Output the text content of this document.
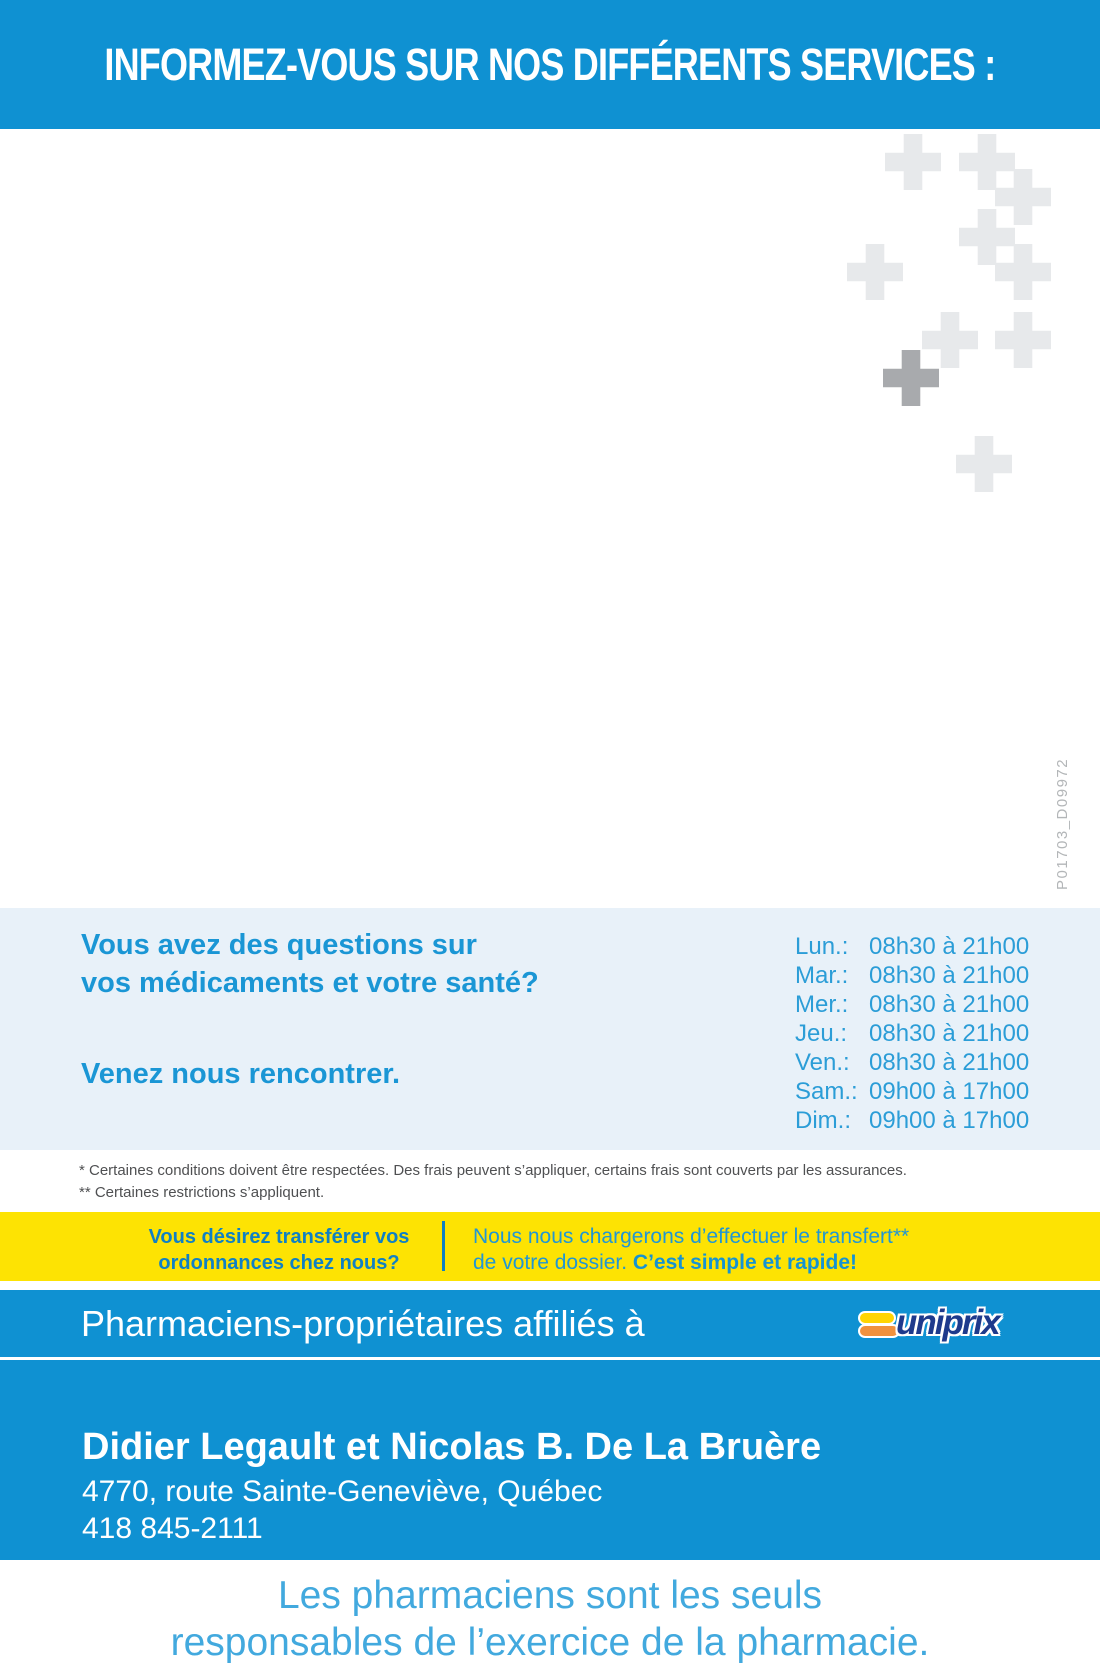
INFORMEZ-VOUS SUR NOS DIFFÉRENTS SERVICES :
P01703_D09972
Vous avez des questions sur
vos médicaments et votre santé?
Venez nous rencontrer.
Lun.: 08h30 à 21h00
Mar.: 08h30 à 21h00
Mer.: 08h30 à 21h00
Jeu.: 08h30 à 21h00
Ven.: 08h30 à 21h00
Sam.: 09h00 à 17h00
Dim.: 09h00 à 17h00
* Certaines conditions doivent être respectées. Des frais peuvent s’appliquer, certains frais sont couverts par les assurances.
** Certaines restrictions s’appliquent.
Vous désirez transférer vos
ordonnances chez nous?
Nous nous chargerons d’effectuer le transfert**
de votre dossier. C’est simple et rapide!
Pharmaciens-propriétaires affiliés à	uniprix
Didier Legault et Nicolas B. De La Bruère
4770, route Sainte-Geneviève, Québec
418 845-2111
Les pharmaciens sont les seuls
responsables de l’exercice de la pharmacie.
